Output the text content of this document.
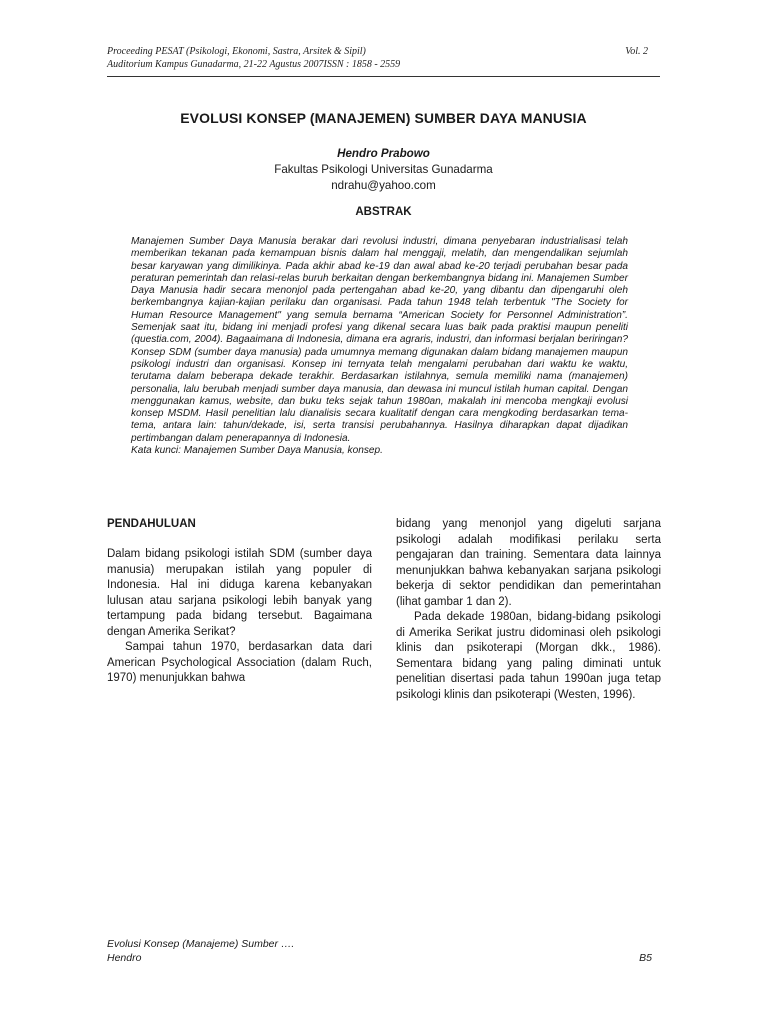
Proceeding PESAT (Psikologi, Ekonomi, Sastra, Arsitek & Sipil)
Auditorium Kampus Gunadarma, 21-22 Agustus 2007ISSN : 1858 - 2559
Vol. 2
EVOLUSI KONSEP (MANAJEMEN) SUMBER DAYA MANUSIA
Hendro Prabowo
Fakultas Psikologi Universitas Gunadarma
ndrahu@yahoo.com
ABSTRAK

Manajemen Sumber Daya Manusia berakar dari revolusi industri, dimana penyebaran industrialisasi telah memberikan tekanan pada kemampuan bisnis dalam hal menggaji, melatih, dan mengendalikan sejumlah besar karyawan yang dimilikinya. Pada akhir abad ke-19 dan awal abad ke-20 terjadi perubahan besar pada peraturan pemerintah dan relasi-relas buruh berkaitan dengan berkembangnya bidang ini. Manajemen Sumber Daya Manusia hadir secara menonjol pada pertengahan abad ke-20, yang dibantu dan dipengaruhi oleh berkembangnya kajian-kajian perilaku dan organisasi. Pada tahun 1948 telah terbentuk "The Society for Human Resource Management" yang semula bernama “American Society for Personnel Administration”. Semenjak saat itu, bidang ini menjadi profesi yang dikenal secara luas baik pada praktisi maupun peneliti (questia.com, 2004). Bagaaimana di Indonesia, dimana era agraris, industri, dan informasi berjalan beriringan? Konsep SDM (sumber daya manusia) pada umumnya memang digunakan dalam bidang manajemen maupun psikologi industri dan organisasi. Konsep ini ternyata telah mengalami perubahan dari waktu ke waktu, terutama dalam beberapa dekade terakhir. Berdasarkan istilahnya, semula memiliki nama (manajemen) personalia, lalu berubah menjadi sumber daya manusia, dan dewasa ini muncul istilah human capital. Dengan menggunakan kamus, website, dan buku teks sejak tahun 1980an, makalah ini mencoba mengkaji evolusi konsep MSDM. Hasil penelitian lalu dianalisis secara kualitatif dengan cara mengkoding berdasarkan tema-tema, antara lain: tahun/dekade, isi, serta transisi perubahannya. Hasilnya diharapkan dapat dijadikan pertimbangan dalam penerapannya di Indonesia.

Kata kunci: Manajemen Sumber Daya Manusia, konsep.

PENDAHULUAN

Dalam bidang psikologi istilah SDM (sumber daya manusia) merupakan istilah yang populer di Indonesia. Hal ini diduga karena kebanyakan lulusan atau sarjana psikologi lebih banyak yang tertampung pada bidang tersebut. Bagaimana dengan Amerika Serikat?

Sampai tahun 1970, berdasarkan data dari American Psychological Association (dalam Ruch, 1970) menunjukkan bahwa

bidang yang menonjol yang digeluti sarjana psikologi adalah modifikasi perilaku serta pengajaran dan training. Sementara data lainnya menunjukkan bahwa kebanyakan sarjana psikologi bekerja di sektor pendidikan dan pemerintahan (lihat gambar 1 dan 2).

Pada dekade 1980an, bidang-bidang psikologi di Amerika Serikat justru didominasi oleh psikologi klinis dan psikoterapi (Morgan dkk., 1986). Sementara bidang yang paling diminati untuk penelitian disertasi pada tahun 1990an juga tetap psikologi klinis dan psikoterapi (Westen, 1996).

Evolusi Konsep (Manajeme) Sumber ….
Hendro	B5
